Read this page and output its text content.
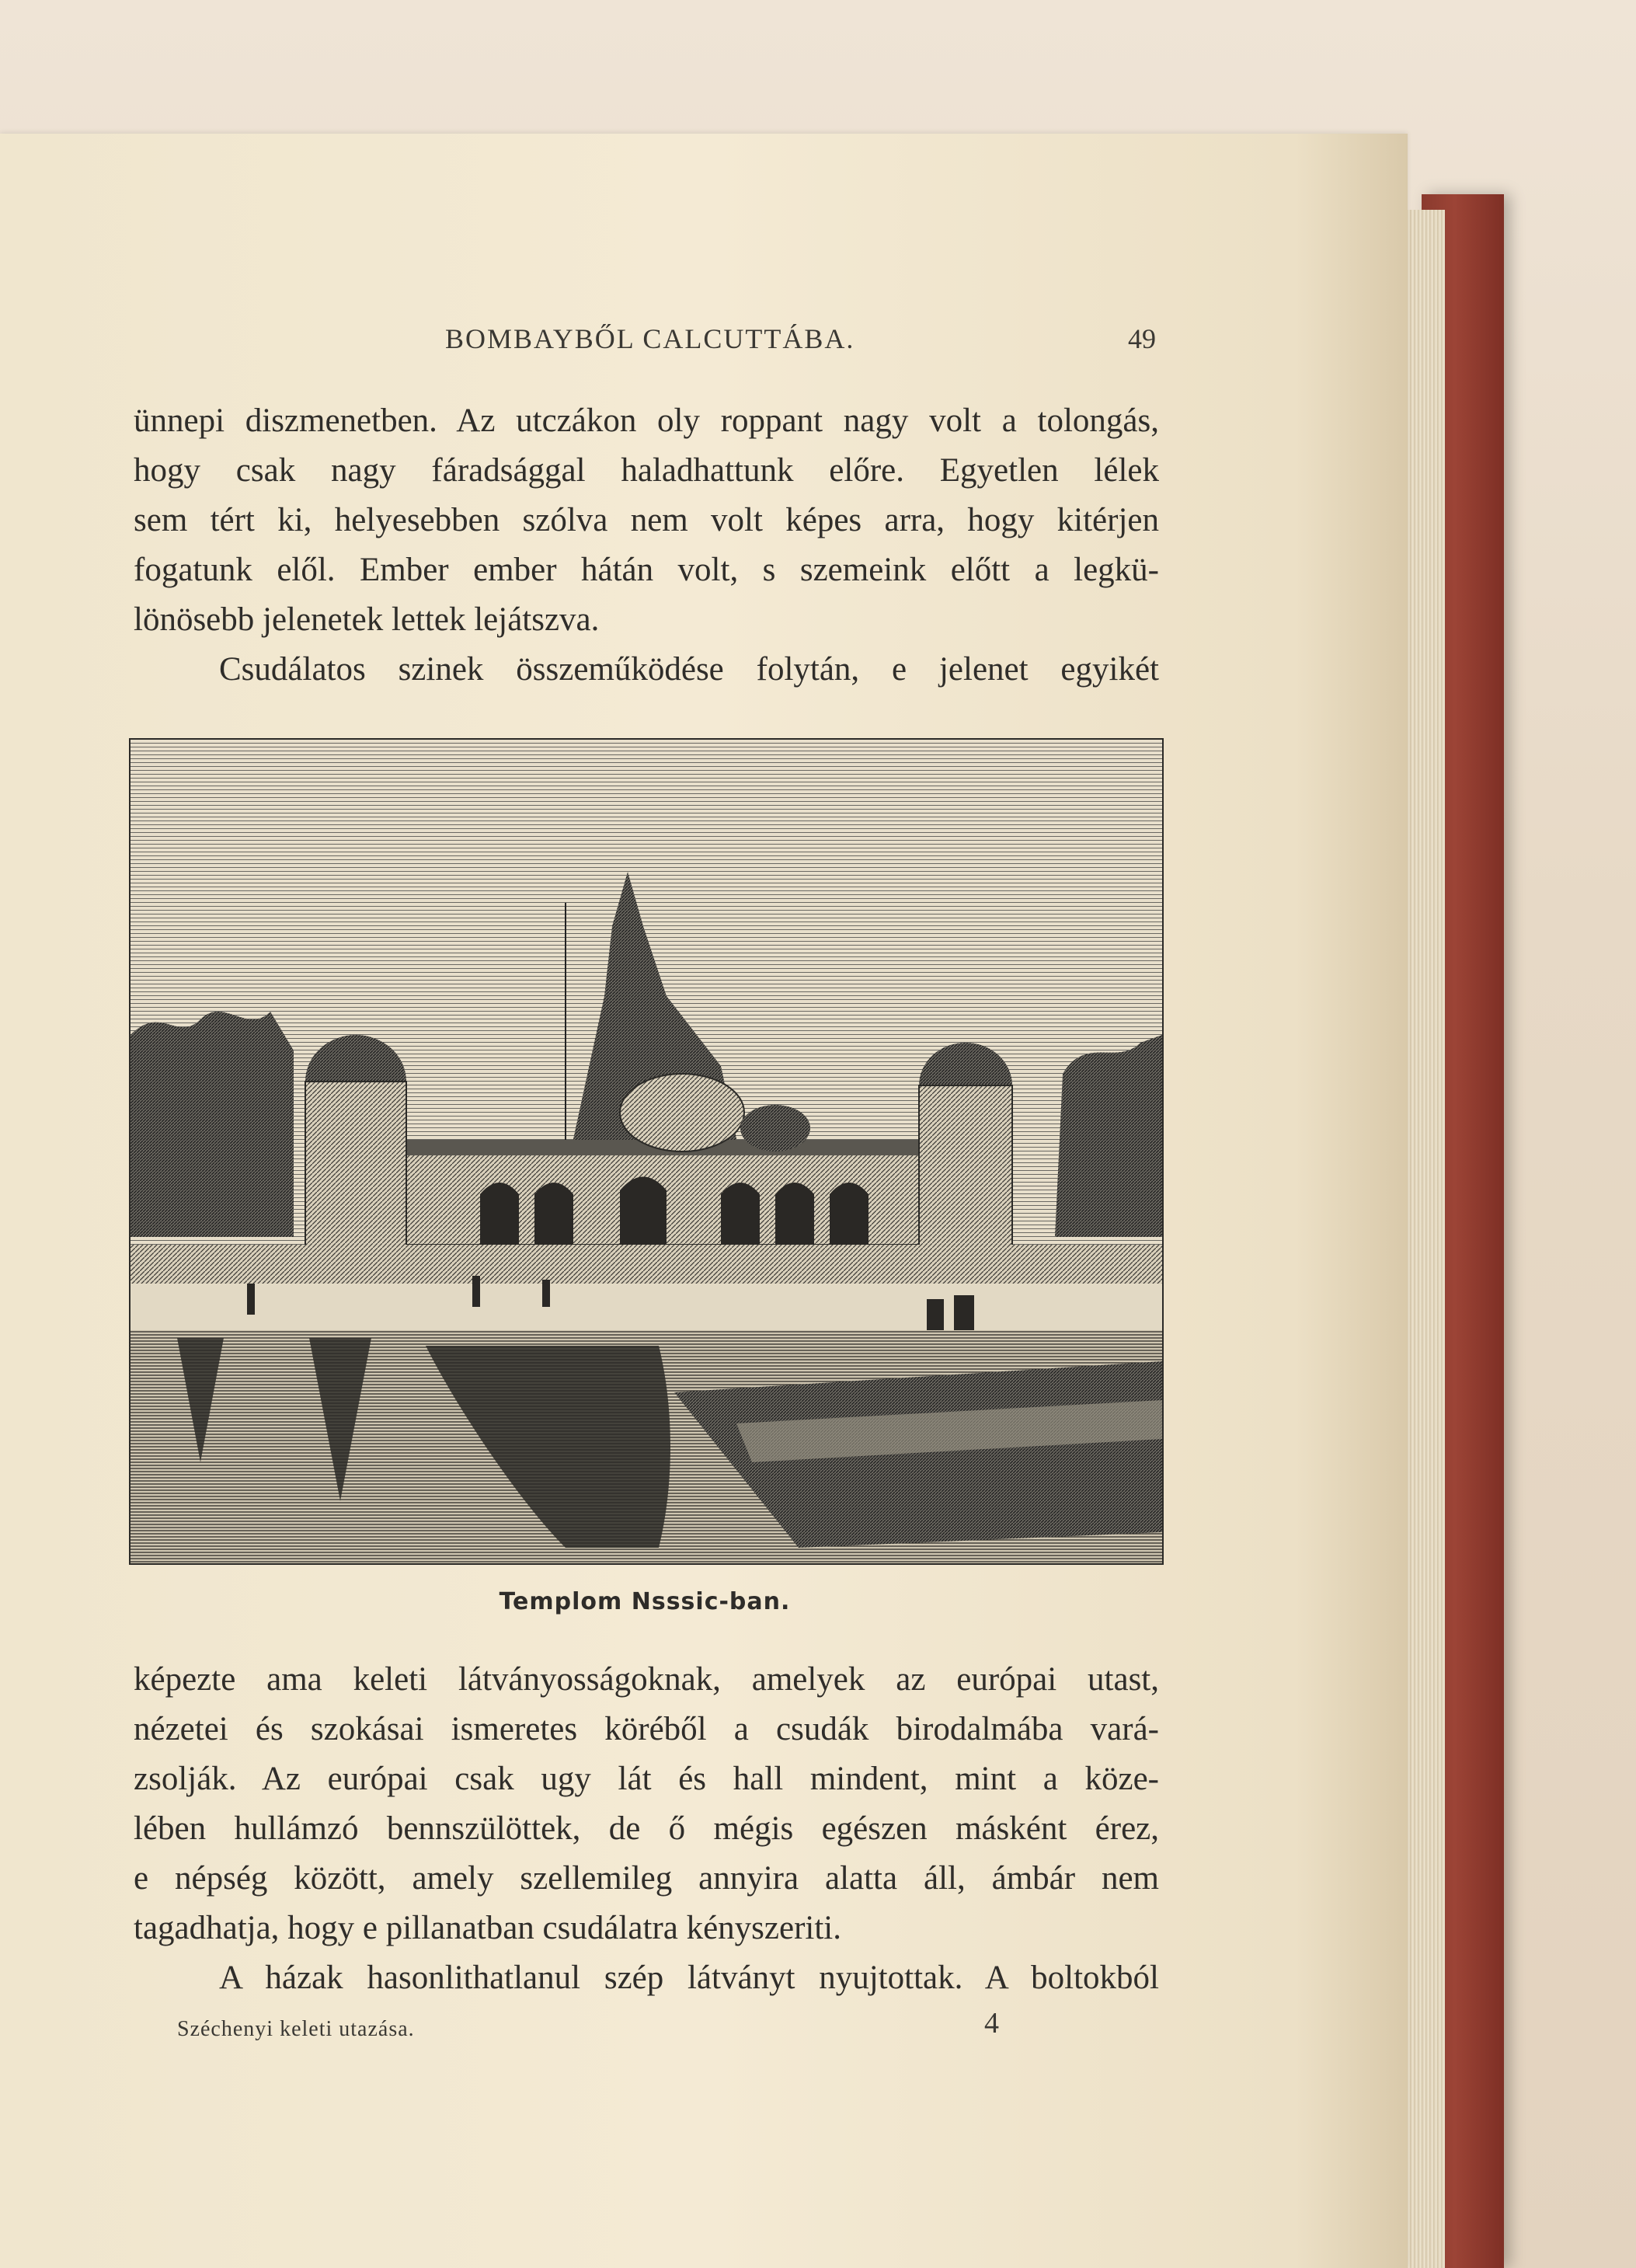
BOMBAYBŐL CALCUTTÁBA.	49
ünnepi diszmenetben. Az utczákon oly roppant nagy volt a tolongás,
hogy csak nagy fáradsággal haladhattunk előre. Egyetlen lélek
sem tért ki, helyesebben szólva nem volt képes arra, hogy kitérjen
fogatunk elől. Ember ember hátán volt, s szemeink előtt a legkü-
lönösebb jelenetek lettek lejátszva.
Csudálatos szinek összeműködése folytán, e jelenet egyikét
Templom Nsssic-ban.
képezte ama keleti látványosságoknak, amelyek az európai utast,
nézetei és szokásai ismeretes köréből a csudák birodalmába vará-
zsolják. Az európai csak ugy lát és hall mindent, mint a köze-
lében hullámzó bennszülöttek, de ő mégis egészen másként érez,
e népség között, amely szellemileg annyira alatta áll, ámbár nem
tagadhatja, hogy e pillanatban csudálatra kényszeriti.
A házak hasonlithatlanul szép látványt nyujtottak. A boltokból
Széchenyi keleti utazása.	4
